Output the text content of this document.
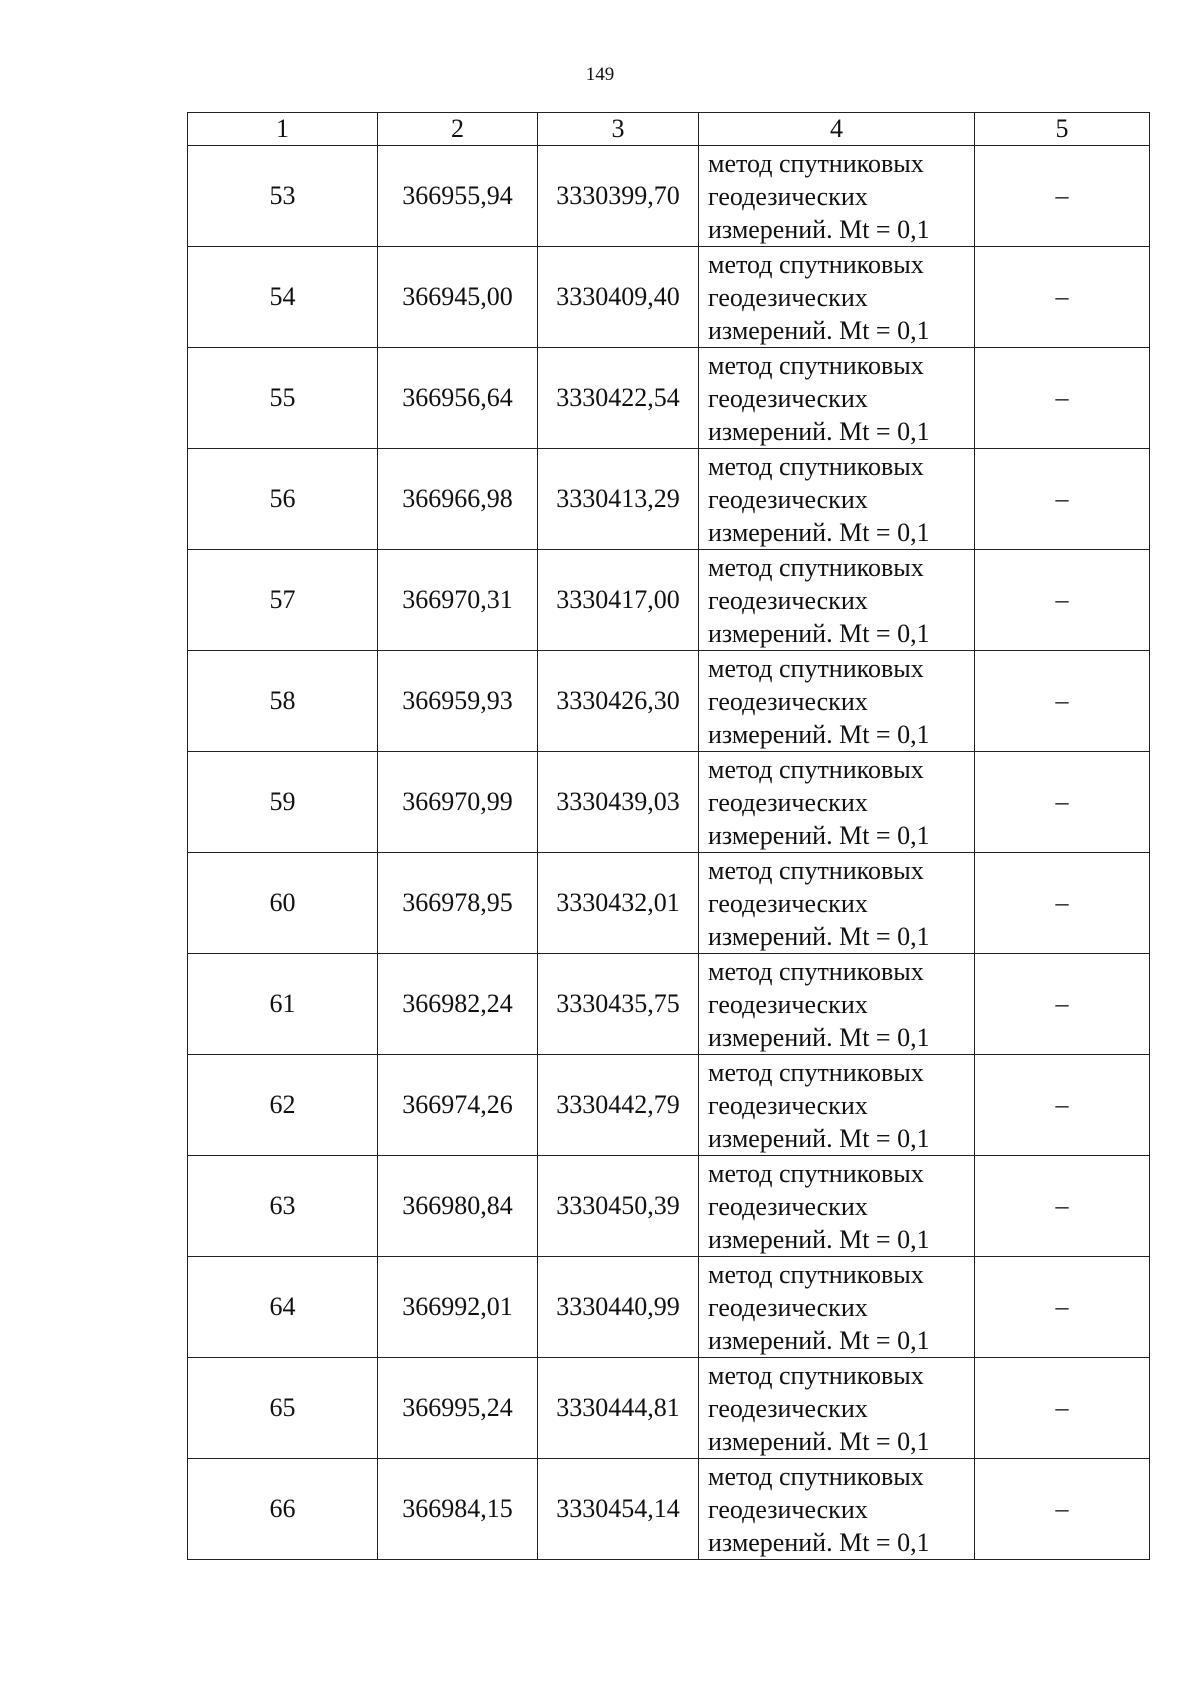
149
1	2	3	4	5
53	366955,94	3330399,70	метод спутниковых
геодезических
измерений. Mt = 0,1	–
54	366945,00	3330409,40	метод спутниковых
геодезических
измерений. Mt = 0,1	–
55	366956,64	3330422,54	метод спутниковых
геодезических
измерений. Mt = 0,1	–
56	366966,98	3330413,29	метод спутниковых
геодезических
измерений. Mt = 0,1	–
57	366970,31	3330417,00	метод спутниковых
геодезических
измерений. Mt = 0,1	–
58	366959,93	3330426,30	метод спутниковых
геодезических
измерений. Mt = 0,1	–
59	366970,99	3330439,03	метод спутниковых
геодезических
измерений. Mt = 0,1	–
60	366978,95	3330432,01	метод спутниковых
геодезических
измерений. Mt = 0,1	–
61	366982,24	3330435,75	метод спутниковых
геодезических
измерений. Mt = 0,1	–
62	366974,26	3330442,79	метод спутниковых
геодезических
измерений. Mt = 0,1	–
63	366980,84	3330450,39	метод спутниковых
геодезических
измерений. Mt = 0,1	–
64	366992,01	3330440,99	метод спутниковых
геодезических
измерений. Mt = 0,1	–
65	366995,24	3330444,81	метод спутниковых
геодезических
измерений. Mt = 0,1	–
66	366984,15	3330454,14	метод спутниковых
геодезических
измерений. Mt = 0,1	–
